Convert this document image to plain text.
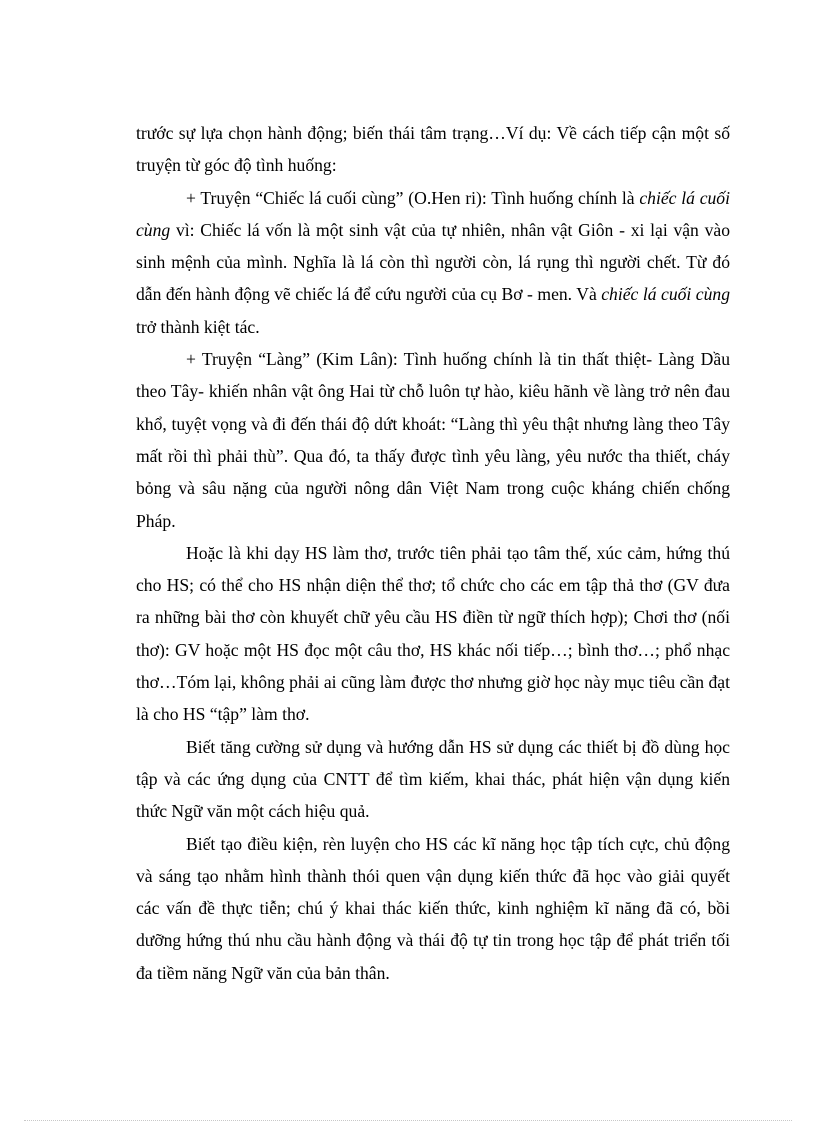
trước sự lựa chọn hành động; biến thái tâm trạng…Ví dụ: Về cách tiếp cận một số truyện từ góc độ tình huống:

+ Truyện “Chiếc lá cuối cùng” (O.Hen ri): Tình huống chính là chiếc lá cuối cùng vì: Chiếc lá vốn là một sinh vật của tự nhiên, nhân vật Giôn - xi lại vận vào sinh mệnh của mình. Nghĩa là lá còn thì người còn, lá rụng thì người chết. Từ đó dẫn đến hành động vẽ chiếc lá để cứu người của cụ Bơ - men. Và chiếc lá cuối cùng trở thành kiệt tác.

+ Truyện “Làng” (Kim Lân): Tình huống chính là tin thất thiệt- Làng Dầu theo Tây- khiến nhân vật ông Hai từ chỗ luôn tự hào, kiêu hãnh về làng trở nên đau khổ, tuyệt vọng và đi đến thái độ dứt khoát: “Làng thì yêu thật nhưng làng theo Tây mất rồi thì phải thù”. Qua đó, ta thấy được tình yêu làng, yêu nước tha thiết, cháy bỏng và sâu nặng của người nông dân Việt Nam trong cuộc kháng chiến chống Pháp.

Hoặc là khi dạy HS làm thơ, trước tiên phải tạo tâm thế, xúc cảm, hứng thú cho HS; có thể cho HS nhận diện thể thơ; tổ chức cho các em tập thả thơ (GV đưa ra những bài thơ còn khuyết chữ yêu cầu HS điền từ ngữ thích hợp); Chơi thơ (nối thơ): GV hoặc một HS đọc một câu thơ, HS khác nối tiếp…; bình thơ…; phổ nhạc thơ…Tóm lại, không phải ai cũng làm được thơ nhưng giờ học này mục tiêu cần đạt là cho HS “tập” làm thơ.

Biết tăng cường sử dụng và hướng dẫn HS sử dụng các thiết bị đồ dùng học tập và các ứng dụng của CNTT để tìm kiếm, khai thác, phát hiện vận dụng kiến thức Ngữ văn một cách hiệu quả.

Biết tạo điều kiện, rèn luyện cho HS các kĩ năng học tập tích cực, chủ động và sáng tạo nhằm hình thành thói quen vận dụng kiến thức đã học vào giải quyết các vấn đề thực tiễn; chú ý khai thác kiến thức, kinh nghiệm kĩ năng đã có, bồi dưỡng hứng thú nhu cầu hành động và thái độ tự tin trong học tập để phát triển tối đa tiềm năng Ngữ văn của bản thân.
